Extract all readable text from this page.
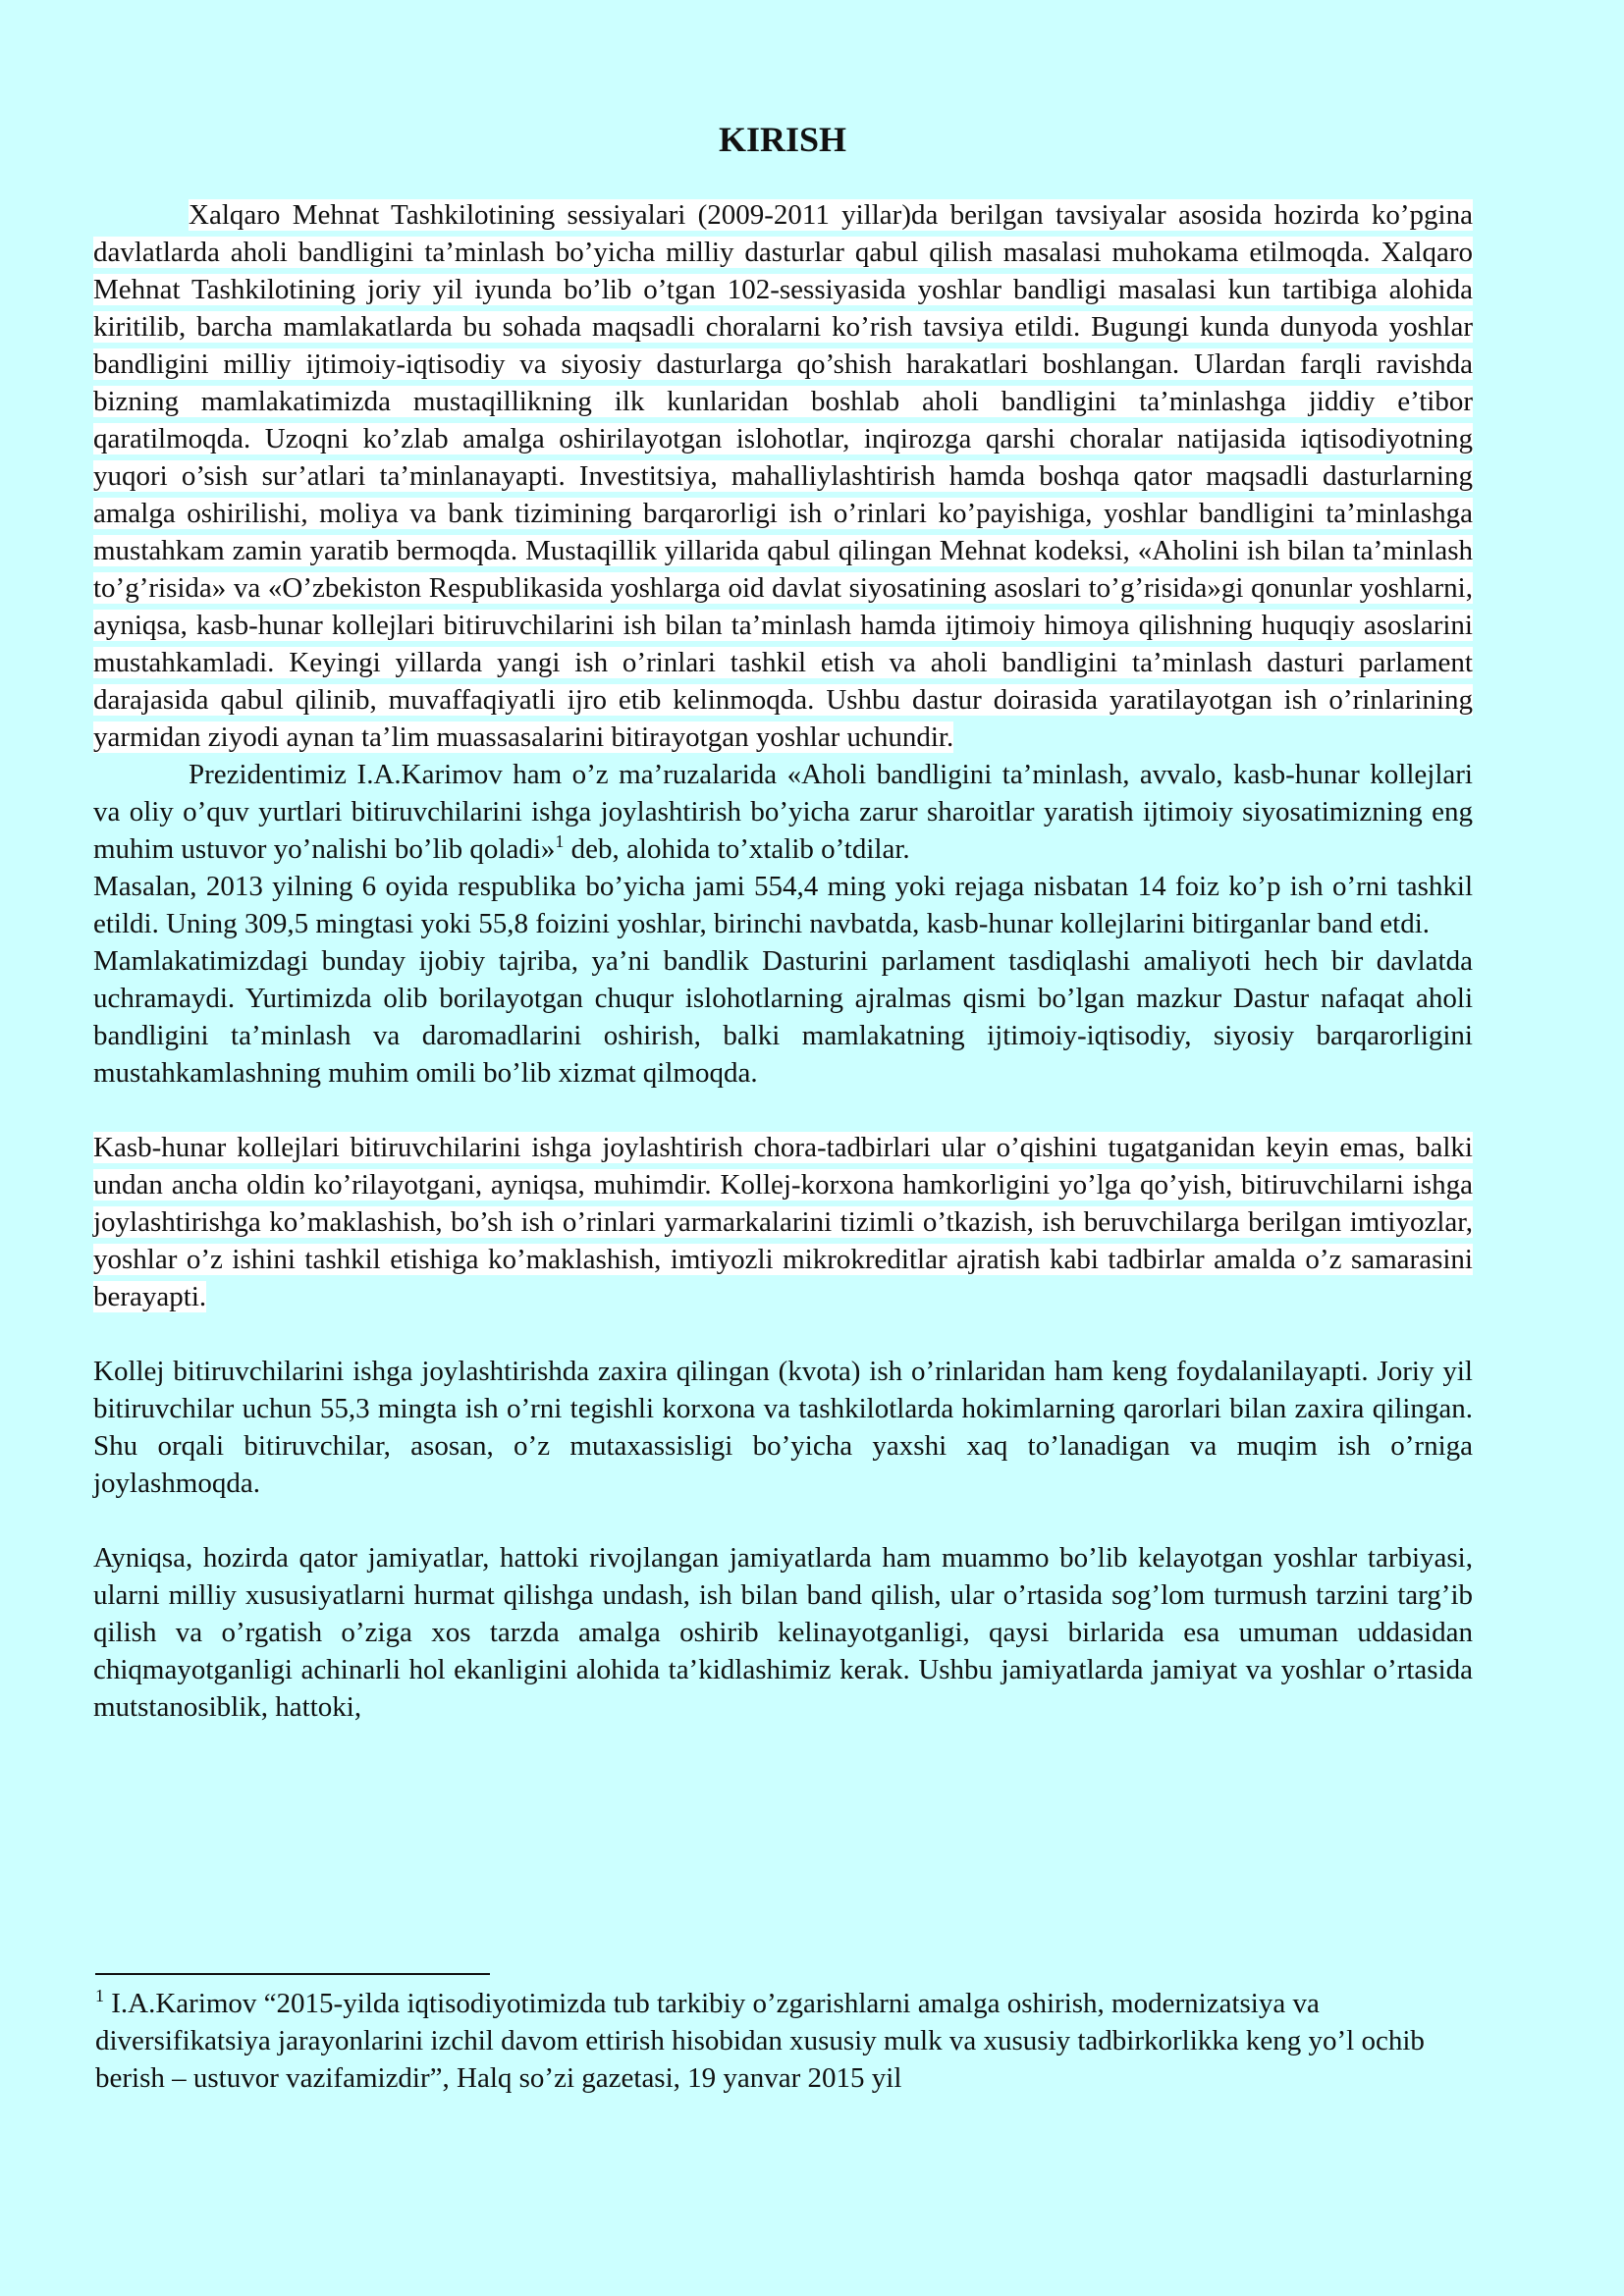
KIRISH

Xalqaro Mehnat Tashkilotining sessiyalari (2009-2011 yillar)da berilgan tavsiyalar asosida hozirda ko’pgina davlatlarda aholi bandligini ta’minlash bo’yicha milliy dasturlar qabul qilish masalasi muhokama etilmoqda. Xalqaro Mehnat Tashkilotining joriy yil iyunda bo’lib o’tgan 102-sessiyasida yoshlar bandligi masalasi kun tartibiga alohida kiritilib, barcha mamlakatlarda bu sohada maqsadli choralarni ko’rish tavsiya etildi. Bugungi kunda dunyoda yoshlar bandligini milliy ijtimoiy-iqtisodiy va siyosiy dasturlarga qo’shish harakatlari boshlangan. Ulardan farqli ravishda bizning mamlakatimizda mustaqillikning ilk kunlaridan boshlab aholi bandligini ta’minlashga jiddiy e’tibor qaratilmoqda. Uzoqni ko’zlab amalga oshirilayotgan islohotlar, inqirozga qarshi choralar natijasida iqtisodiyotning yuqori o’sish sur’atlari ta’minlanayapti. Investitsiya, mahalliylashtirish hamda boshqa qator maqsadli dasturlarning amalga oshirilishi, moliya va bank tizimining barqarorligi ish o’rinlari ko’payishiga, yoshlar bandligini ta’minlashga mustahkam zamin yaratib bermoqda. Mustaqillik yillarida qabul qilingan Mehnat kodeksi, «Aholini ish bilan ta’minlash to’g’risida» va «O’zbekiston Respublikasida yoshlarga oid davlat siyosatining asoslari to’g’risida»gi qonunlar yoshlarni, ayniqsa, kasb-hunar kollejlari bitiruvchilarini ish bilan ta’minlash hamda ijtimoiy himoya qilishning huquqiy asoslarini mustahkamladi. Keyingi yillarda yangi ish o’rinlari tashkil etish va aholi bandligini ta’minlash dasturi parlament darajasida qabul qilinib, muvaffaqiyatli ijro etib kelinmoqda. Ushbu dastur doirasida yaratilayotgan ish o’rinlarining yarmidan ziyodi aynan ta’lim muassasalarini bitirayotgan yoshlar uchundir.

Prezidentimiz I.A.Karimov ham o’z ma’ruzalarida «Aholi bandligini ta’minlash, avvalo, kasb-hunar kollejlari va oliy o’quv yurtlari bitiruvchilarini ishga joylashtirish bo’yicha zarur sharoitlar yaratish ijtimoiy siyosatimizning eng muhim ustuvor yo’nalishi bo’lib qoladi»$^1$ deb, alohida to’xtalib o’tdilar.

Masalan, 2013 yilning 6 oyida respublika bo’yicha jami 554,4 ming yoki rejaga nisbatan 14 foiz ko’p ish o’rni tashkil etildi. Uning 309,5 mingtasi yoki 55,8 foizini yoshlar, birinchi navbatda, kasb-hunar kollejlarini bitirganlar band etdi.

Mamlakatimizdagi bunday ijobiy tajriba, ya’ni bandlik Dasturini parlament tasdiqlashi amaliyoti hech bir davlatda uchramaydi. Yurtimizda olib borilayotgan chuqur islohotlarning ajralmas qismi bo’lgan mazkur Dastur nafaqat aholi bandligini ta’minlash va daromadlarini oshirish, balki mamlakatning ijtimoiy-iqtisodiy, siyosiy barqarorligini mustahkamlashning muhim omili bo’lib xizmat qilmoqda.

Kasb-hunar kollejlari bitiruvchilarini ishga joylashtirish chora-tadbirlari ular o’qishini tugatganidan keyin emas, balki undan ancha oldin ko’rilayotgani, ayniqsa, muhimdir. Kollej-korxona hamkorligini yo’lga qo’yish, bitiruvchilarni ishga joylashtirishga ko’maklashish, bo’sh ish o’rinlari yarmarkalarini tizimli o’tkazish, ish beruvchilarga berilgan imtiyozlar, yoshlar o’z ishini tashkil etishiga ko’maklashish, imtiyozli mikrokreditlar ajratish kabi tadbirlar amalda o’z samarasini berayapti.

Kollej bitiruvchilarini ishga joylashtirishda zaxira qilingan (kvota) ish o’rinlaridan ham keng foydalanilayapti. Joriy yil bitiruvchilar uchun 55,3 mingta ish o’rni tegishli korxona va tashkilotlarda hokimlarning qarorlari bilan zaxira qilingan. Shu orqali bitiruvchilar, asosan, o’z mutaxassisligi bo’yicha yaxshi xaq to’lanadigan va muqim ish o’rniga joylashmoqda.

Ayniqsa, hozirda qator jamiyatlar, hattoki rivojlangan jamiyatlarda ham muammo bo’lib kelayotgan yoshlar tarbiyasi, ularni milliy xususiyatlarni hurmat qilishga undash, ish bilan band qilish, ular o’rtasida sog’lom turmush tarzini targ’ib qilish va o’rgatish o’ziga xos tarzda amalga oshirib kelinayotganligi, qaysi birlarida esa umuman uddasidan chiqmayotganligi achinarli hol ekanligini alohida ta’kidlashimiz kerak. Ushbu jamiyatlarda jamiyat va yoshlar o’rtasida mutstanosiblik, hattoki,

$^1$ I.A.Karimov “2015-yilda iqtisodiyotimizda tub tarkibiy o’zgarishlarni amalga oshirish, modernizatsiya va diversifikatsiya jarayonlarini izchil davom ettirish hisobidan xususiy mulk va xususiy tadbirkorlikka keng yo’l ochib berish – ustuvor vazifamizdir”, Halq so’zi gazetasi, 19 yanvar 2015 yil
